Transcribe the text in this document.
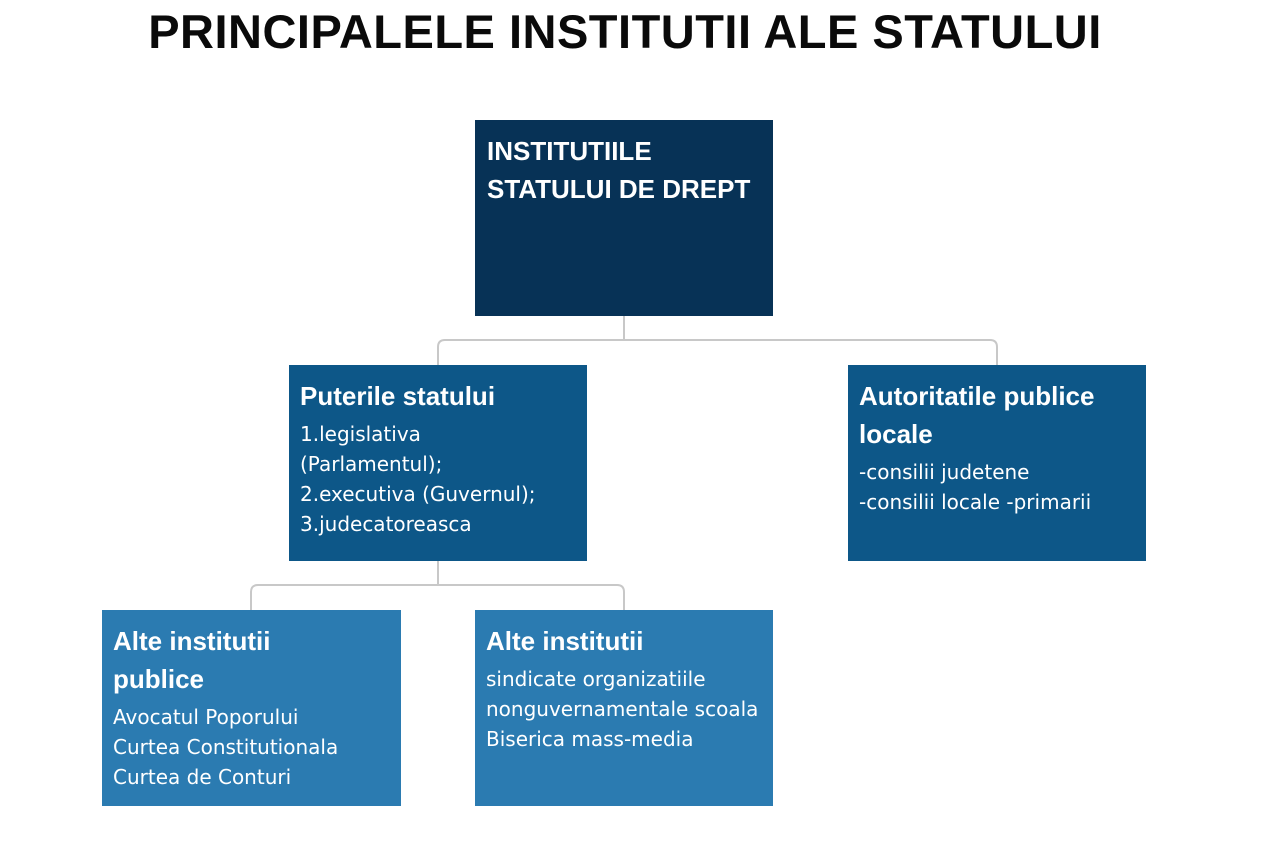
PRINCIPALELE INSTITUTII ALE STATULUI
INSTITUTIILE
STATULUI DE DREPT
Puterile statului
1.legislativa
(Parlamentul);
2.executiva (Guvernul);
3.judecatoreasca
Autoritatile publice
locale
-consilii judetene
-consilii locale -primarii
Alte institutii
publice
Avocatul Poporului
Curtea Constitutionala
Curtea de Conturi
Alte institutii
sindicate organizatiile nonguvernamentale scoala Biserica mass-media
